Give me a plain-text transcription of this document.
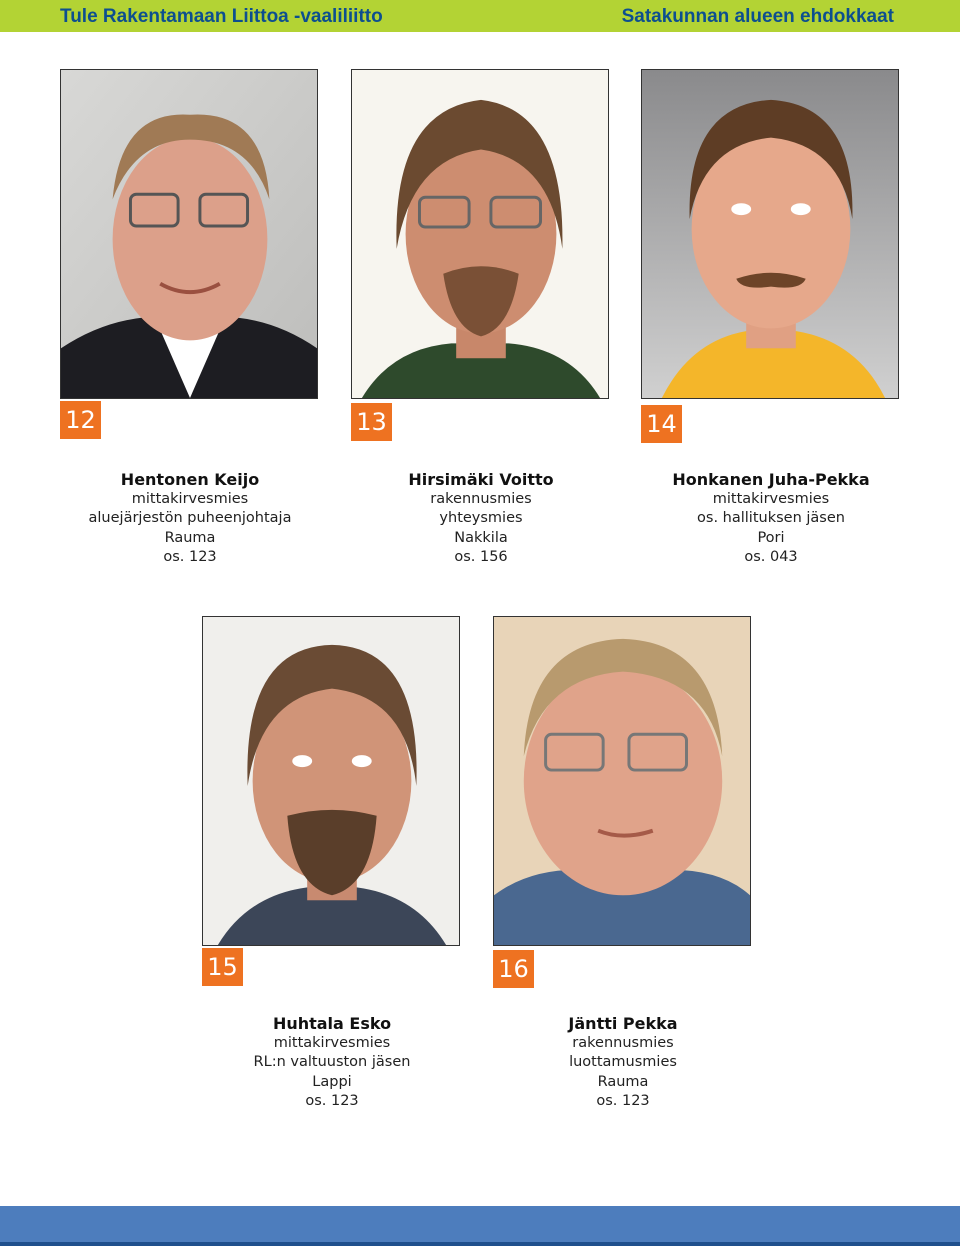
Tule Rakentamaan Liittoa -vaaliliitto	Satakunnan alueen ehdokkaat
12
Hentonen Keijo
mittakirvesmies
aluejärjestön puheenjohtaja
Rauma
os. 123
13
Hirsimäki Voitto
rakennusmies
yhteysmies
Nakkila
os. 156
14
Honkanen Juha-Pekka
mittakirvesmies
os. hallituksen jäsen
Pori
os. 043
15
Huhtala Esko
mittakirvesmies
RL:n valtuuston jäsen
Lappi
os. 123
16
Jäntti Pekka
rakennusmies
luottamusmies
Rauma
os. 123
